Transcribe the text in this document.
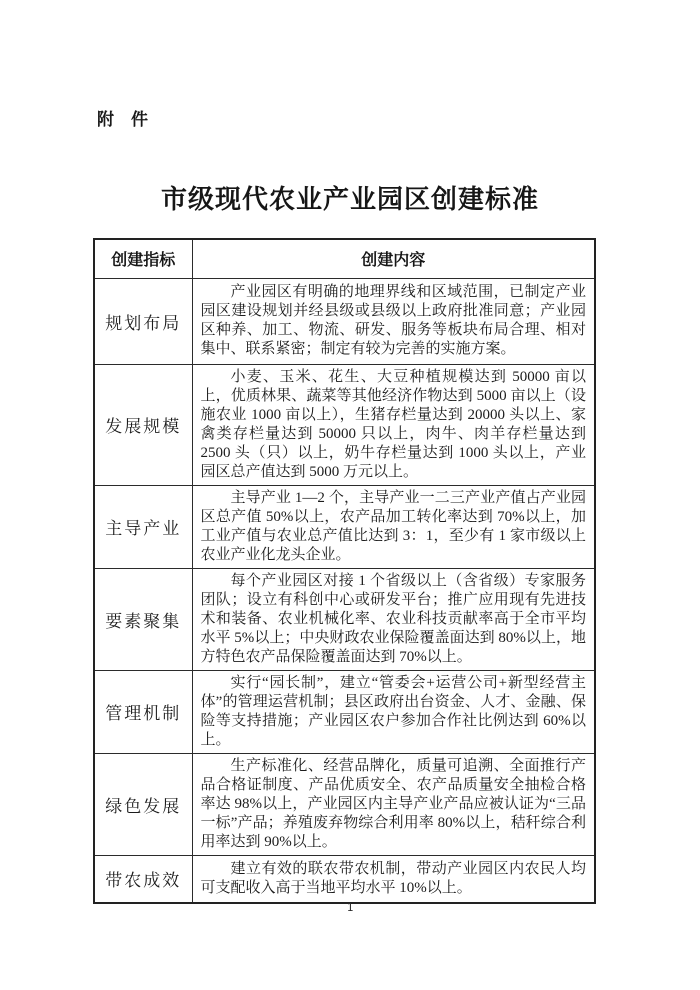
附　件
市级现代农业产业园区创建标准
创建指标	创建内容
规划布局	产业园区有明确的地理界线和区域范围，已制定产业园区建设规划并经县级或县级以上政府批准同意；产业园区种养、加工、物流、研发、服务等板块布局合理、相对集中、联系紧密；制定有较为完善的实施方案。

发展规模	小麦、玉米、花生、大豆种植规模达到 50000 亩以上，优质林果、蔬菜等其他经济作物达到 5000 亩以上（设施农业 1000 亩以上），生猪存栏量达到 20000 头以上、家禽类存栏量达到 50000 只以上，肉牛、肉羊存栏量达到 2500 头（只）以上，奶牛存栏量达到 1000 头以上，产业园区总产值达到 5000 万元以上。

主导产业	主导产业 1—2 个，主导产业一二三产业产值占产业园区总产值 50%以上，农产品加工转化率达到 70%以上，加工业产值与农业总产值比达到 3：1，至少有 1 家市级以上农业产业化龙头企业。

要素聚集	每个产业园区对接 1 个省级以上（含省级）专家服务团队；设立有科创中心或研发平台；推广应用现有先进技术和装备、农业机械化率、农业科技贡献率高于全市平均水平 5%以上；中央财政农业保险覆盖面达到 80%以上，地方特色农产品保险覆盖面达到 70%以上。

管理机制	实行“园长制”，建立“管委会+运营公司+新型经营主体”的管理运营机制；县区政府出台资金、人才、金融、保险等支持措施；产业园区农户参加合作社比例达到 60%以上。

绿色发展	生产标准化、经营品牌化，质量可追溯、全面推行产品合格证制度、产品优质安全、农产品质量安全抽检合格率达 98%以上，产业园区内主导产业产品应被认证为“三品一标”产品；养殖废弃物综合利用率 80%以上，秸秆综合利用率达到 90%以上。

带农成效	建立有效的联农带农机制，带动产业园区内农民人均可支配收入高于当地平均水平 10%以上。

1
